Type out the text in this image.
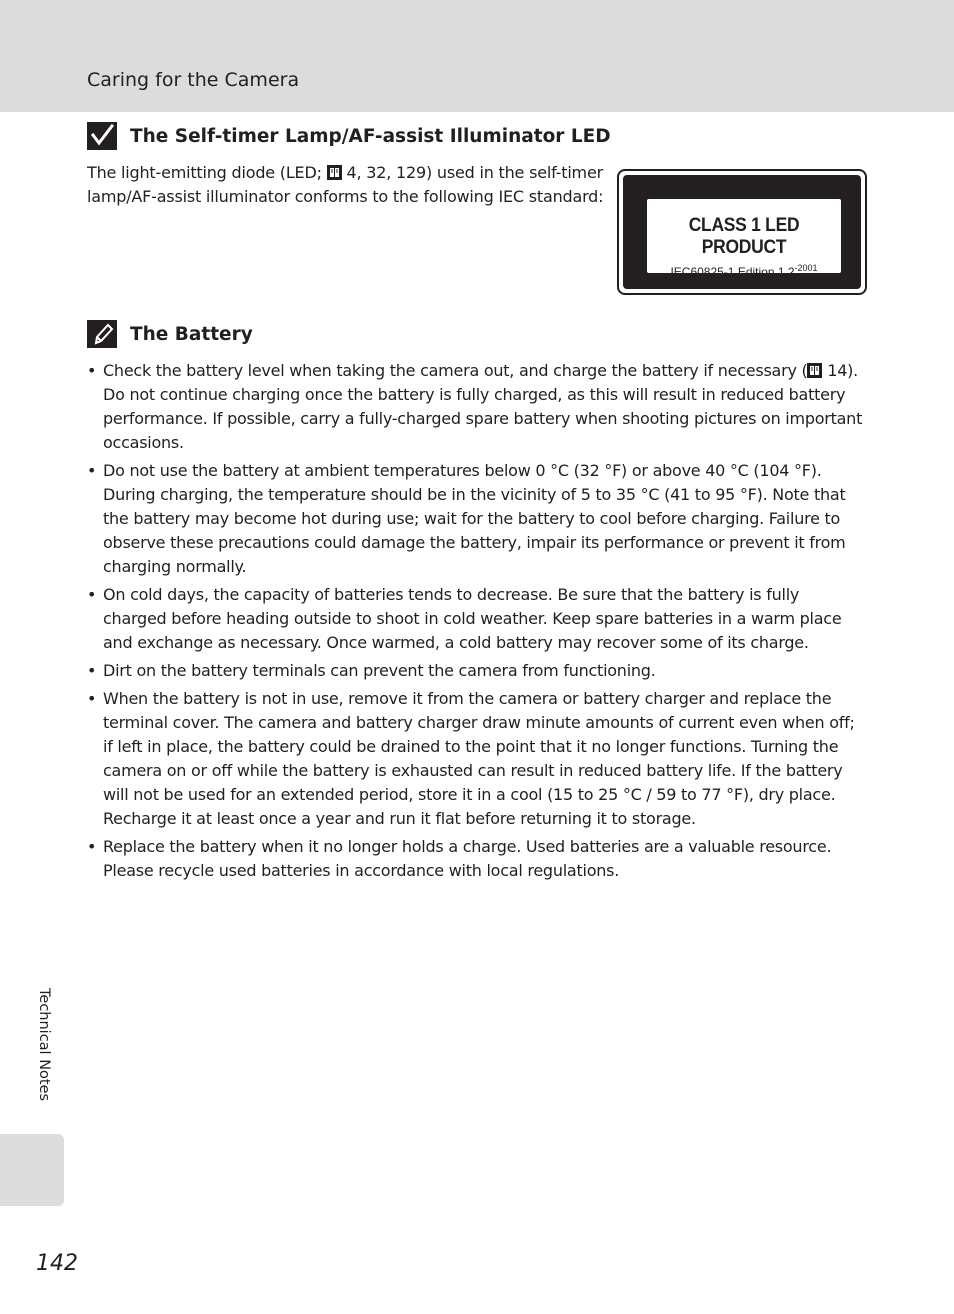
Caring for the Camera
The Self-timer Lamp/AF-assist Illuminator LED
The light-emitting diode (LED;  4, 32, 129) used in the self-timer lamp/AF-assist illuminator conforms to the following IEC standard:
CLASS 1 LED PRODUCT
IEC60825-1 Edition $1.2^{-2001}$
The Battery
• Check the battery level when taking the camera out, and charge the battery if necessary ( 14). Do not continue charging once the battery is fully charged, as this will result in reduced battery performance. If possible, carry a fully-charged spare battery when shooting pictures on important occasions.
• Do not use the battery at ambient temperatures below 0 °C (32 °F) or above 40 °C (104 °F). During charging, the temperature should be in the vicinity of 5 to 35 °C (41 to 95 °F). Note that the battery may become hot during use; wait for the battery to cool before charging. Failure to observe these precautions could damage the battery, impair its performance or prevent it from charging normally.
• On cold days, the capacity of batteries tends to decrease. Be sure that the battery is fully charged before heading outside to shoot in cold weather. Keep spare batteries in a warm place and exchange as necessary. Once warmed, a cold battery may recover some of its charge.
• Dirt on the battery terminals can prevent the camera from functioning.
• When the battery is not in use, remove it from the camera or battery charger and replace the terminal cover. The camera and battery charger draw minute amounts of current even when off; if left in place, the battery could be drained to the point that it no longer functions. Turning the camera on or off while the battery is exhausted can result in reduced battery life. If the battery will not be used for an extended period, store it in a cool (15 to 25 °C / 59 to 77 °F), dry place. Recharge it at least once a year and run it flat before returning it to storage.
• Replace the battery when it no longer holds a charge. Used batteries are a valuable resource. Please recycle used batteries in accordance with local regulations.
Technical Notes
142
